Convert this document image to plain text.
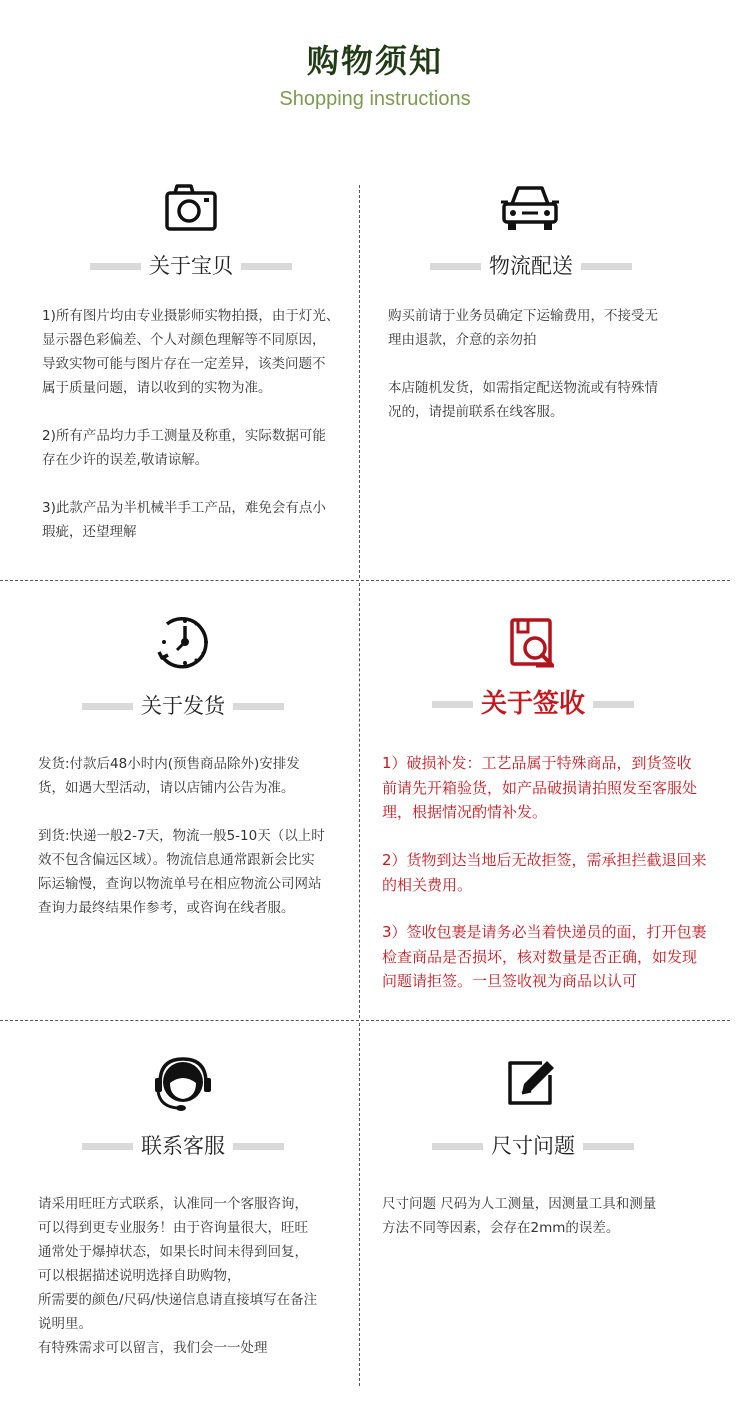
购物须知
Shopping instructions
关于宝贝
1)所有图片均由专业摄影师实物拍摄，由于灯光、
显示器色彩偏差、个人对颜色理解等不同原因，
导致实物可能与图片存在一定差异，该类问题不
属于质量问题，请以收到的实物为准。
2)所有产品均力手工测量及称重，实际数据可能
存在少许的误差,敬请谅解。
3)此款产品为半机械半手工产品，难免会有点小
瑕疵，还望理解
物流配送
购买前请于业务员确定下运输费用，不接受无
理由退款，介意的亲勿拍
本店随机发货，如需指定配送物流或有特殊情
况的，请提前联系在线客服。
关于发货
发货:付款后48小时内(预售商品除外)安排发
货，如遇大型活动，请以店铺内公告为准。
到货:快递一般2-7天，物流一般5-10天（以上时
效不包含偏远区域）。物流信息通常跟新会比实
际运输慢，查询以物流单号在相应物流公司网站
查询力最终结果作参考，或咨询在线者服。
关于签收
1）破损补发：工艺品属于特殊商品，到货签收
前请先开箱验货，如产品破损请拍照发至客服处
理，根据情况酌情补发。
2）货物到达当地后无故拒签，需承担拦截退回来
的相关费用。
3）签收包裹是请务必当着快递员的面，打开包裹
检查商品是否损坏，核对数量是否正确，如发现
问题请拒签。一旦签收视为商品以认可
联系客服
请采用旺旺方式联系，认准同一个客服咨询，
可以得到更专业服务！由于咨询量很大，旺旺
通常处于爆掉状态，如果长时间未得到回复，
可以根据描述说明选择自助购物，
所需要的颜色/尺码/快递信息请直接填写在备注
说明里。
有特殊需求可以留言，我们会一一处理
尺寸问题
尺寸问题 尺码为人工测量，因测量工具和测量
方法不同等因素，会存在2mm的误差。
